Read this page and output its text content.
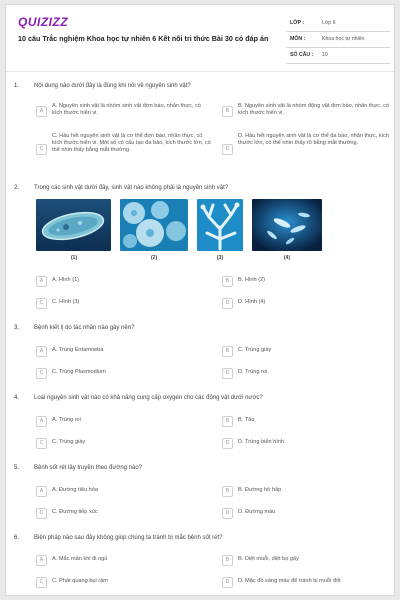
QUIZIZZ
10 câu Trắc nghiệm Khoa học tự nhiên 6 Kết nối tri thức Bài 30 có đáp án
LỚP :	Lớp 6
MÔN :	Khoa học tự nhiên
SỐ CÂU :	10
1. Nội dung nào dưới đây là đúng khi nói về nguyên sinh vật?
A
A. Nguyên sinh vật là nhóm sinh vật đơn bào, nhân thực, có kích thước hiển vi.	B
B. Nguyên sinh vật là nhóm động vật đơn bào, nhân thực, có kích thước hiển vi.
C
C. Hầu hết nguyên sinh vật là cơ thể đơn bào, nhân thực, có kích thước hiển vi. Một số có cấu tạo đa bào, kích thước lớn, có thể nhìn thấy bằng mắt thường.	D
D. Hầu hết nguyên sinh vật là cơ thể đa bào, nhân thực, kích thước lớn, có thể nhìn thấy rõ bằng mắt thường.
2. Trong các sinh vật dưới đây, sinh vật nào không phải là nguyên sinh vật?
(1)	(2)	(3)	(4)
A	A. Hình (1)	B	B. Hình (2)
C	C. Hình (3)	D	D. Hình (4)
3. Bệnh kiết lị do tác nhân nào gây nên?
A	A. Trùng Entamoeba	B	C. Trùng giày
C	C. Trùng Plasmodium	D	D. Trùng roi
4. Loài nguyên sinh vật nào có khả năng cung cấp oxygen cho các động vật dưới nước?
A	A. Trùng roi	B	B. Tảo
C	C. Trùng giày	D	D. Trùng biến hình
5. Bệnh sốt rét lây truyền theo đường nào?
A	A. Đường tiêu hóa	B	B. Đường hô hấp
C	C. Đường tiếp xúc	D	D. Đường máu
6. Biện pháp nào sau đây không giúp chúng ta tránh bị mắc bệnh sốt rét?
A	A. Mắc màn khi đi ngủ	B	B. Diệt muỗi, diệt bọ gậy
C	C. Phát quang bụi rậm	D	D. Mặc đồ sáng màu để tránh bị muỗi đốt
